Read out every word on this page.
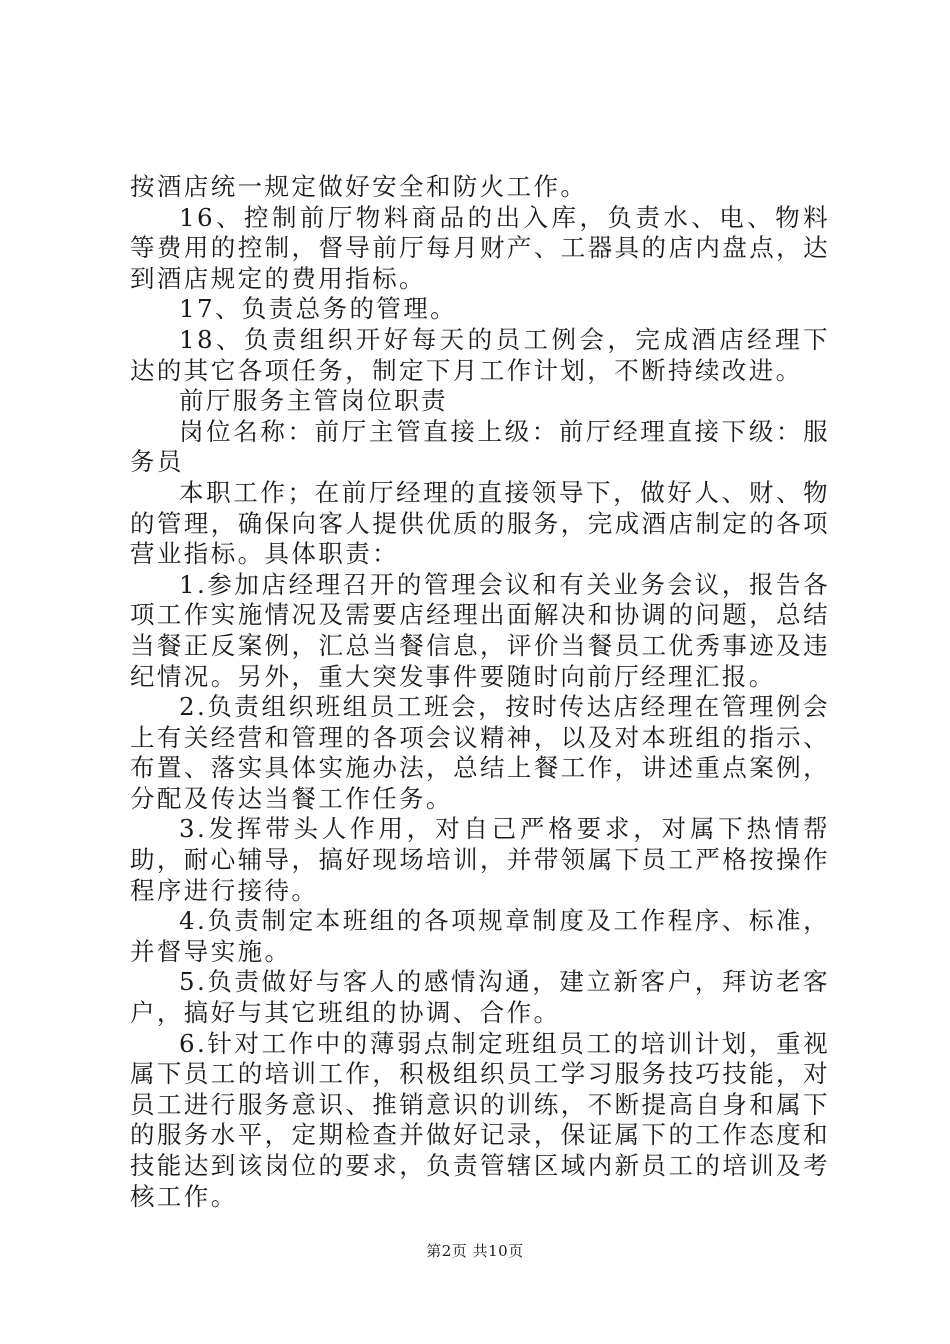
按酒店统一规定做好安全和防火工作。

16、控制前厅物料商品的出入库，负责水、电、物料等费用的控制，督导前厅每月财产、工器具的店内盘点，达到酒店规定的费用指标。

17、负责总务的管理。

18、负责组织开好每天的员工例会，完成酒店经理下达的其它各项任务，制定下月工作计划，不断持续改进。

前厅服务主管岗位职责

岗位名称：前厅主管直接上级：前厅经理直接下级：服务员

本职工作；在前厅经理的直接领导下，做好人、财、物的管理，确保向客人提供优质的服务，完成酒店制定的各项营业指标。具体职责：

1.参加店经理召开的管理会议和有关业务会议，报告各项工作实施情况及需要店经理出面解决和协调的问题，总结当餐正反案例，汇总当餐信息，评价当餐员工优秀事迹及违纪情况。另外，重大突发事件要随时向前厅经理汇报。

2.负责组织班组员工班会，按时传达店经理在管理例会上有关经营和管理的各项会议精神，以及对本班组的指示、布置、落实具体实施办法，总结上餐工作，讲述重点案例，分配及传达当餐工作任务。

3.发挥带头人作用，对自己严格要求，对属下热情帮助，耐心辅导，搞好现场培训，并带领属下员工严格按操作程序进行接待。

4.负责制定本班组的各项规章制度及工作程序、标准，并督导实施。

5.负责做好与客人的感情沟通，建立新客户，拜访老客户，搞好与其它班组的协调、合作。

6.针对工作中的薄弱点制定班组员工的培训计划，重视属下员工的培训工作，积极组织员工学习服务技巧技能，对员工进行服务意识、推销意识的训练，不断提高自身和属下的服务水平，定期检查并做好记录，保证属下的工作态度和技能达到该岗位的要求，负责管辖区域内新员工的培训及考核工作。

第2页 共10页
